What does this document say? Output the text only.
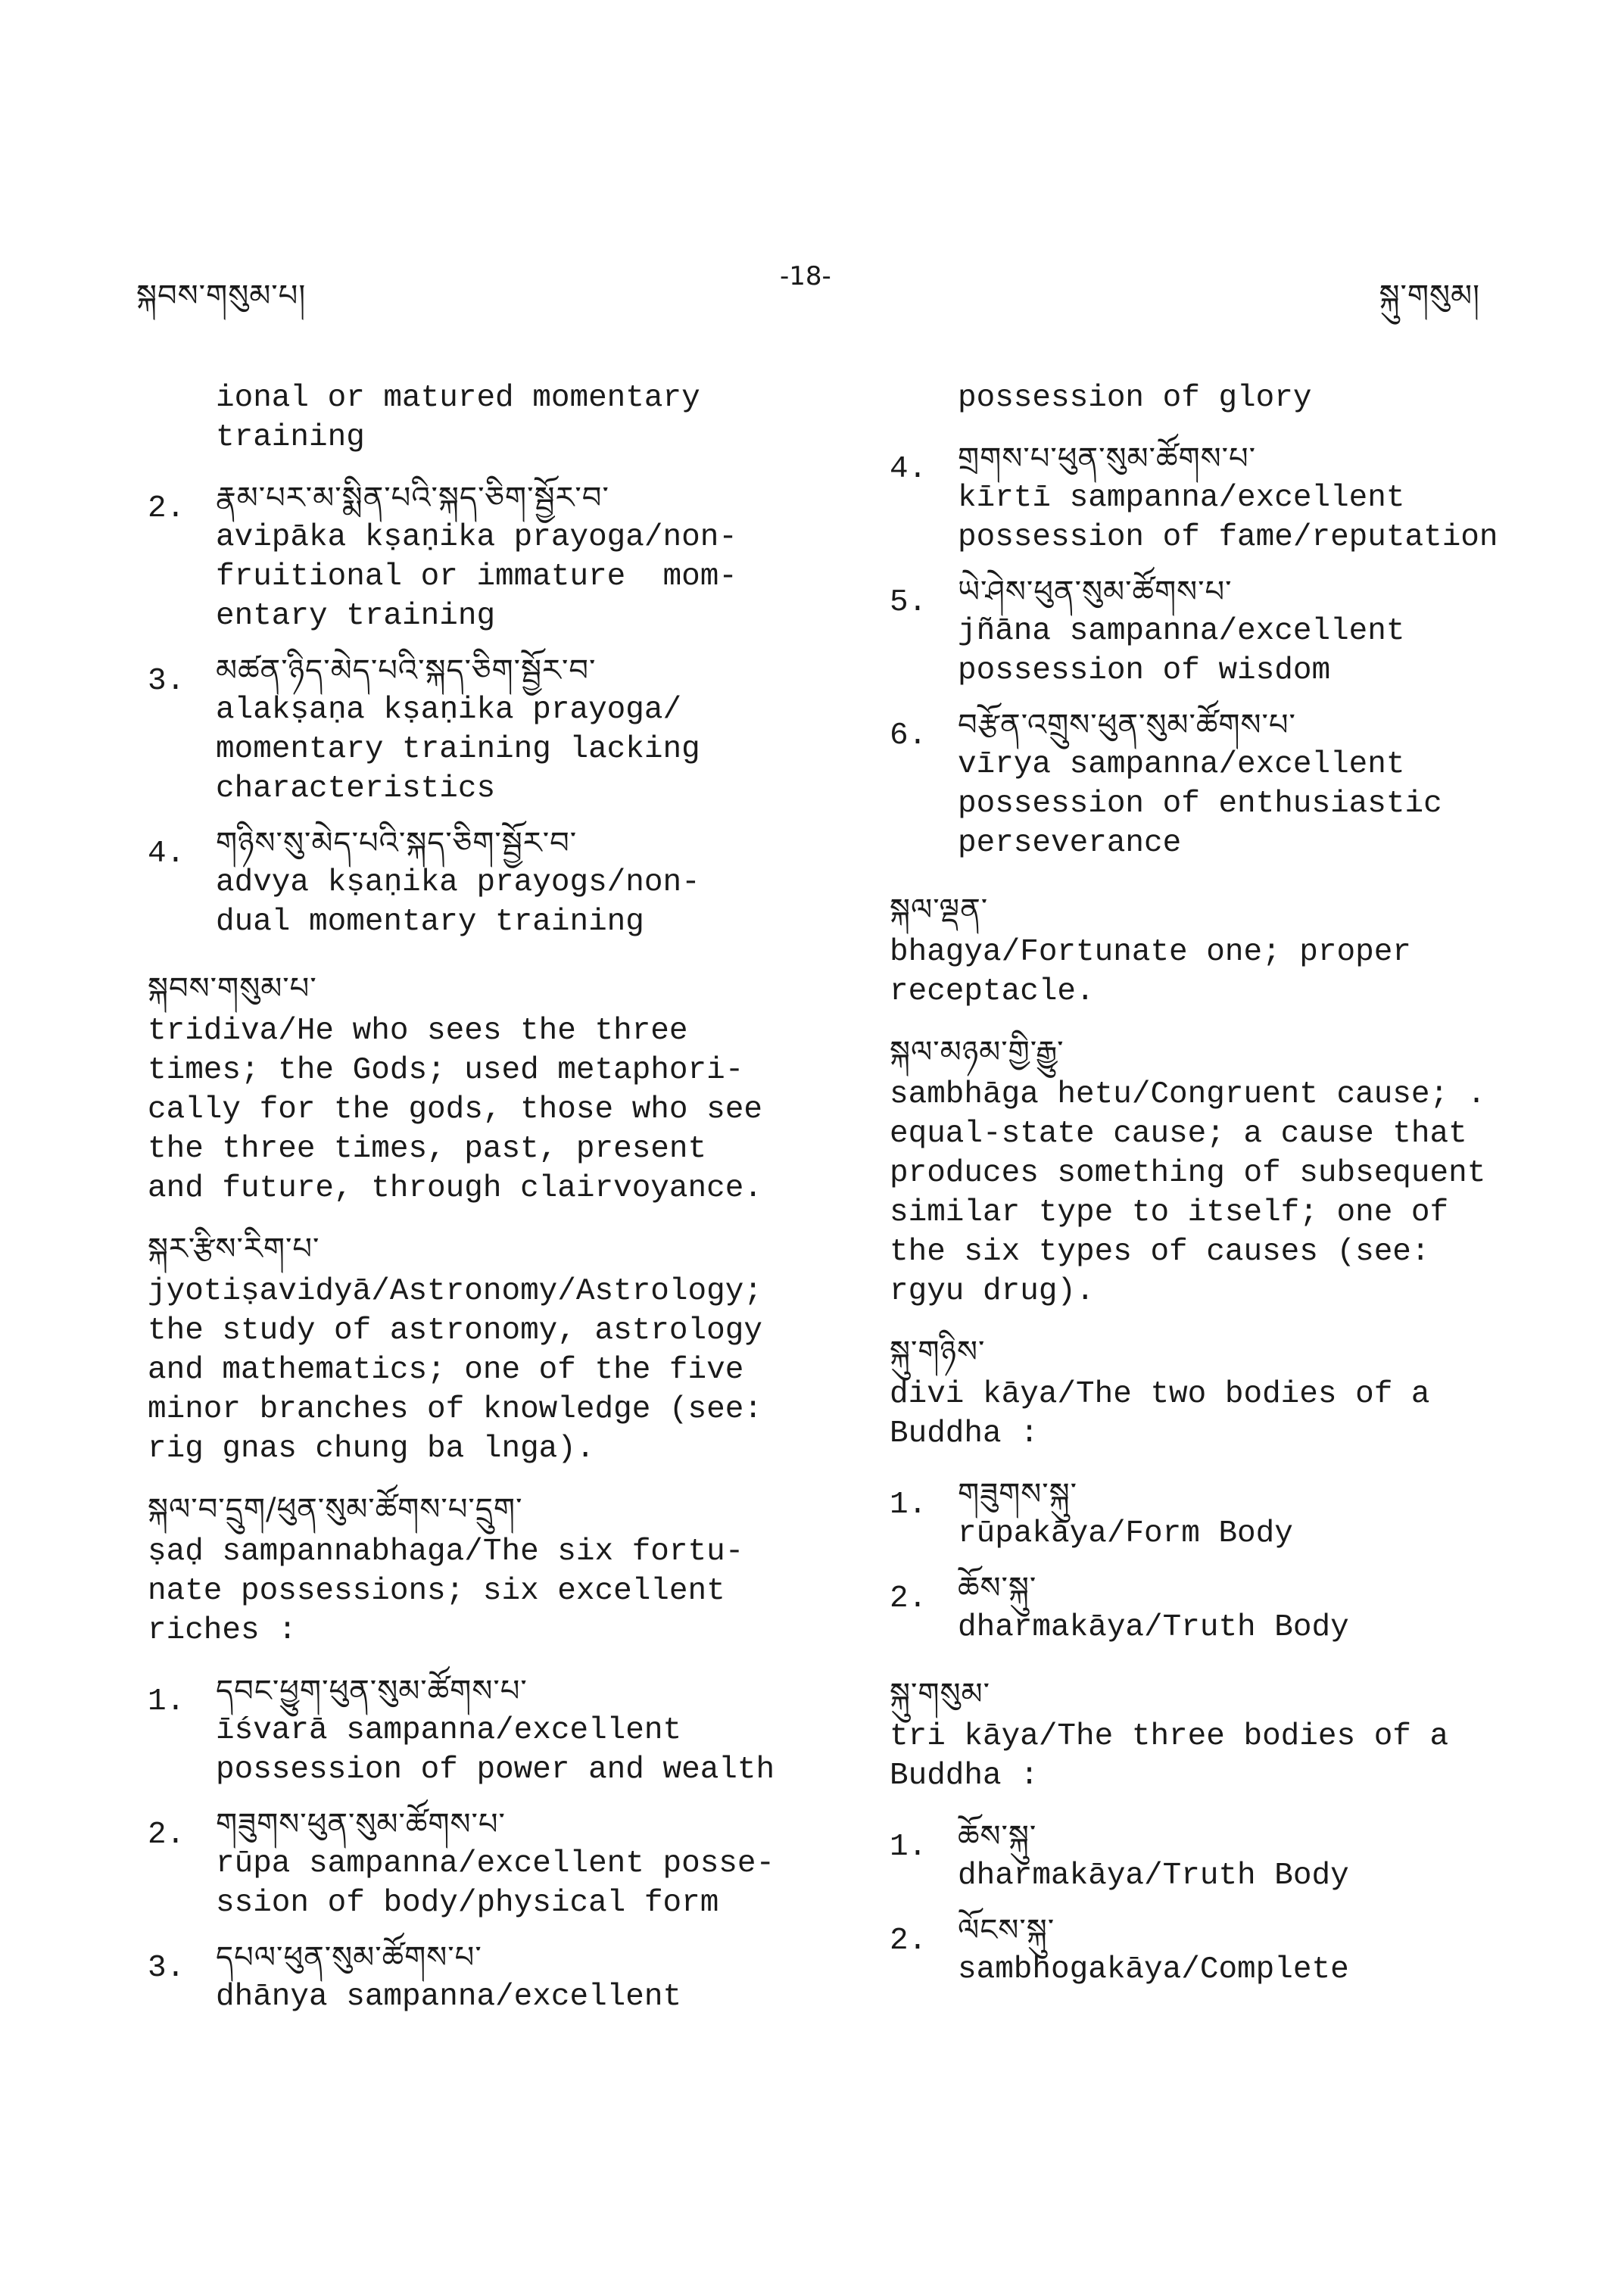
སྐབས་གསུམ་པ།
-18-
སྐུ་གསུམ།
ional or matured momentary
training
2.	རྣམ་པར་མ་སྨིན་པའི་སྐད་ཅིག་སྦྱོར་བ་
avipāka kṣaṇika prayoga/non-
fruitional or immature  mom-
entary training
3.	མཚན་ཉིད་མེད་པའི་སྐད་ཅིག་སྦྱོར་བ་
alakṣaṇa kṣaṇika prayoga/
momentary training lacking
characteristics
4.	གཉིས་སུ་མེད་པའི་སྐད་ཅིག་སྦྱོར་བ་
advya kṣaṇika prayogs/non-
dual momentary training
སྐབས་གསུམ་པ་
tridiva/He who sees the three
times; the Gods; used metaphori-
cally for the gods, those who see
the three times, past, present
and future, through clairvoyance.
སྐར་རྩིས་རིག་པ་
jyotiṣavidyā/Astronomy/Astrology;
the study of astronomy, astrology
and mathematics; one of the five
minor branches of knowledge (see:
rig gnas chung ba lnga).
སྐལ་བ་དྲུག/ཕུན་སུམ་ཚོགས་པ་དྲུག་
ṣaḍ sampannabhaga/The six fortu-
nate possessions; six excellent
riches :
1.	དབང་ཕྱུག་ཕུན་སུམ་ཚོགས་པ་
īśvarā sampanna/excellent
possession of power and wealth
2.	གཟུགས་ཕུན་སུམ་ཚོགས་པ་
rūpa sampanna/excellent posse-
ssion of body/physical form
3.	དཔལ་ཕུན་སུམ་ཚོགས་པ་
dhānya sampanna/excellent
possession of glory
4.	གྲགས་པ་ཕུན་སུམ་ཚོགས་པ་
kīrtī sampanna/excellent
possession of fame/reputation
5.	ཡེ་ཤེས་ཕུན་སུམ་ཚོགས་པ་
jñāna sampanna/excellent
possession of wisdom
6.	བརྩོན་འགྲུས་ཕུན་སུམ་ཚོགས་པ་
vīrya sampanna/excellent
possession of enthusiastic
perseverance
སྐལ་ལྡན་
bhagya/Fortunate one; proper
receptacle.
སྐལ་མཉམ་གྱི་རྒྱུ་
sambhāga hetu/Congruent cause; .
equal-state cause; a cause that
produces something of subsequent
similar type to itself; one of
the six types of causes (see:
rgyu drug).
སྐུ་གཉིས་
divi kāya/The two bodies of a
Buddha :
1.	གཟུགས་སྐུ་
rūpakāya/Form Body
2.	ཆོས་སྐུ་
dharmakāya/Truth Body
སྐུ་གསུམ་
tri kāya/The three bodies of a
Buddha :
1.	ཆོས་སྐུ་
dharmakāya/Truth Body
2.	ལོངས་སྐུ་
sambhogakāya/Complete
